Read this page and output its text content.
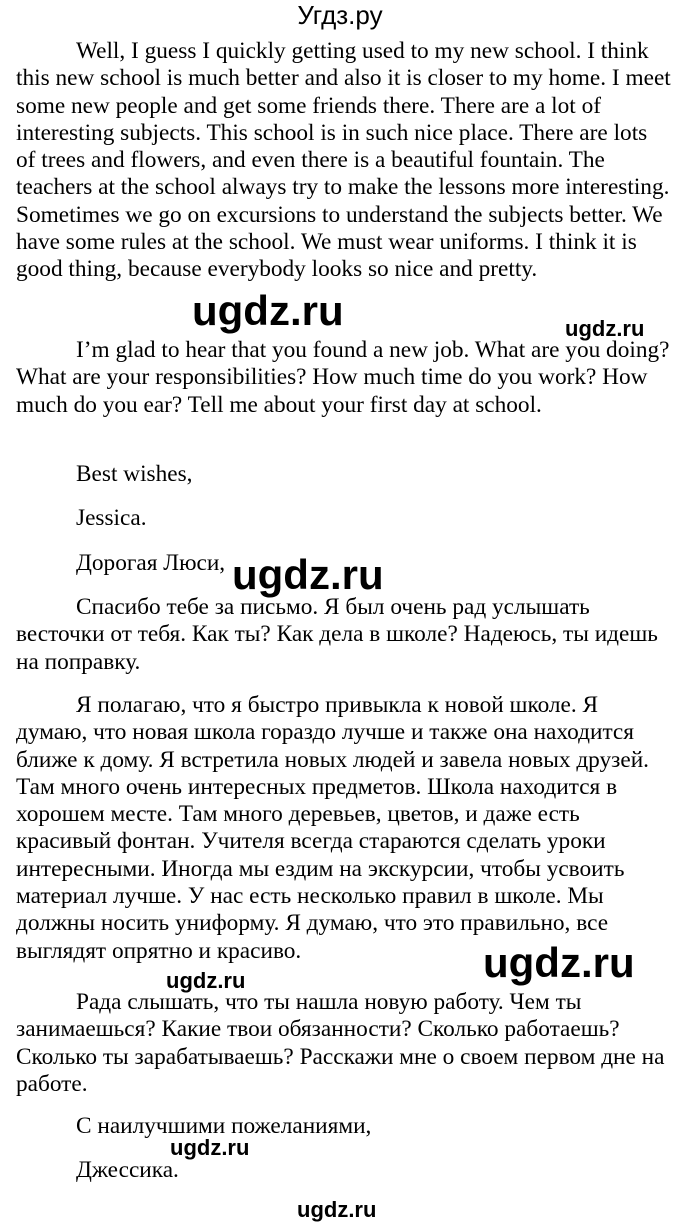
Угдз.ру

Well, I guess I quickly getting used to my new school. I think this new school is much better and also it is closer to my home. I meet some new people and get some friends there. There are a lot of interesting subjects. This school is in such nice place. There are lots of trees and flowers, and even there is a beautiful fountain. The teachers at the school always try to make the lessons more interesting. Sometimes we go on excursions to understand the subjects better. We have some rules at the school. We must wear uniforms. I think it is good thing, because everybody looks so nice and pretty.

I’m glad to hear that you found a new job. What are you doing? What are your responsibilities? How much time do you work? How much do you ear? Tell me about your first day at school.

Best wishes,

Jessica.

Дорогая Люси,

Спасибо тебе за письмо. Я был очень рад услышать весточки от тебя. Как ты? Как дела в школе? Надеюсь, ты идешь на поправку.

Я полагаю, что я быстро привыкла к новой школе. Я думаю, что новая школа гораздо лучше и также она находится ближе к дому. Я встретила новых людей и завела новых друзей. Там много очень интересных предметов. Школа находится в хорошем месте. Там много деревьев, цветов, и даже есть красивый фонтан. Учителя всегда стараются сделать уроки интересными. Иногда мы ездим на экскурсии, чтобы усвоить материал лучше. У нас есть несколько правил в школе. Мы должны носить униформу. Я думаю, что это правильно, все выглядят опрятно и красиво.

Рада слышать, что ты нашла новую работу. Чем ты занимаешься? Какие твои обязанности? Сколько работаешь? Сколько ты зарабатываешь? Расскажи мне о своем первом дне на работе.

С наилучшими пожеланиями,

Джессика.

ugdz.ru	ugdz.ru
ugdz.ru
ugdz.ru
ugdz.ru
ugdz.ru
ugdz.ru
